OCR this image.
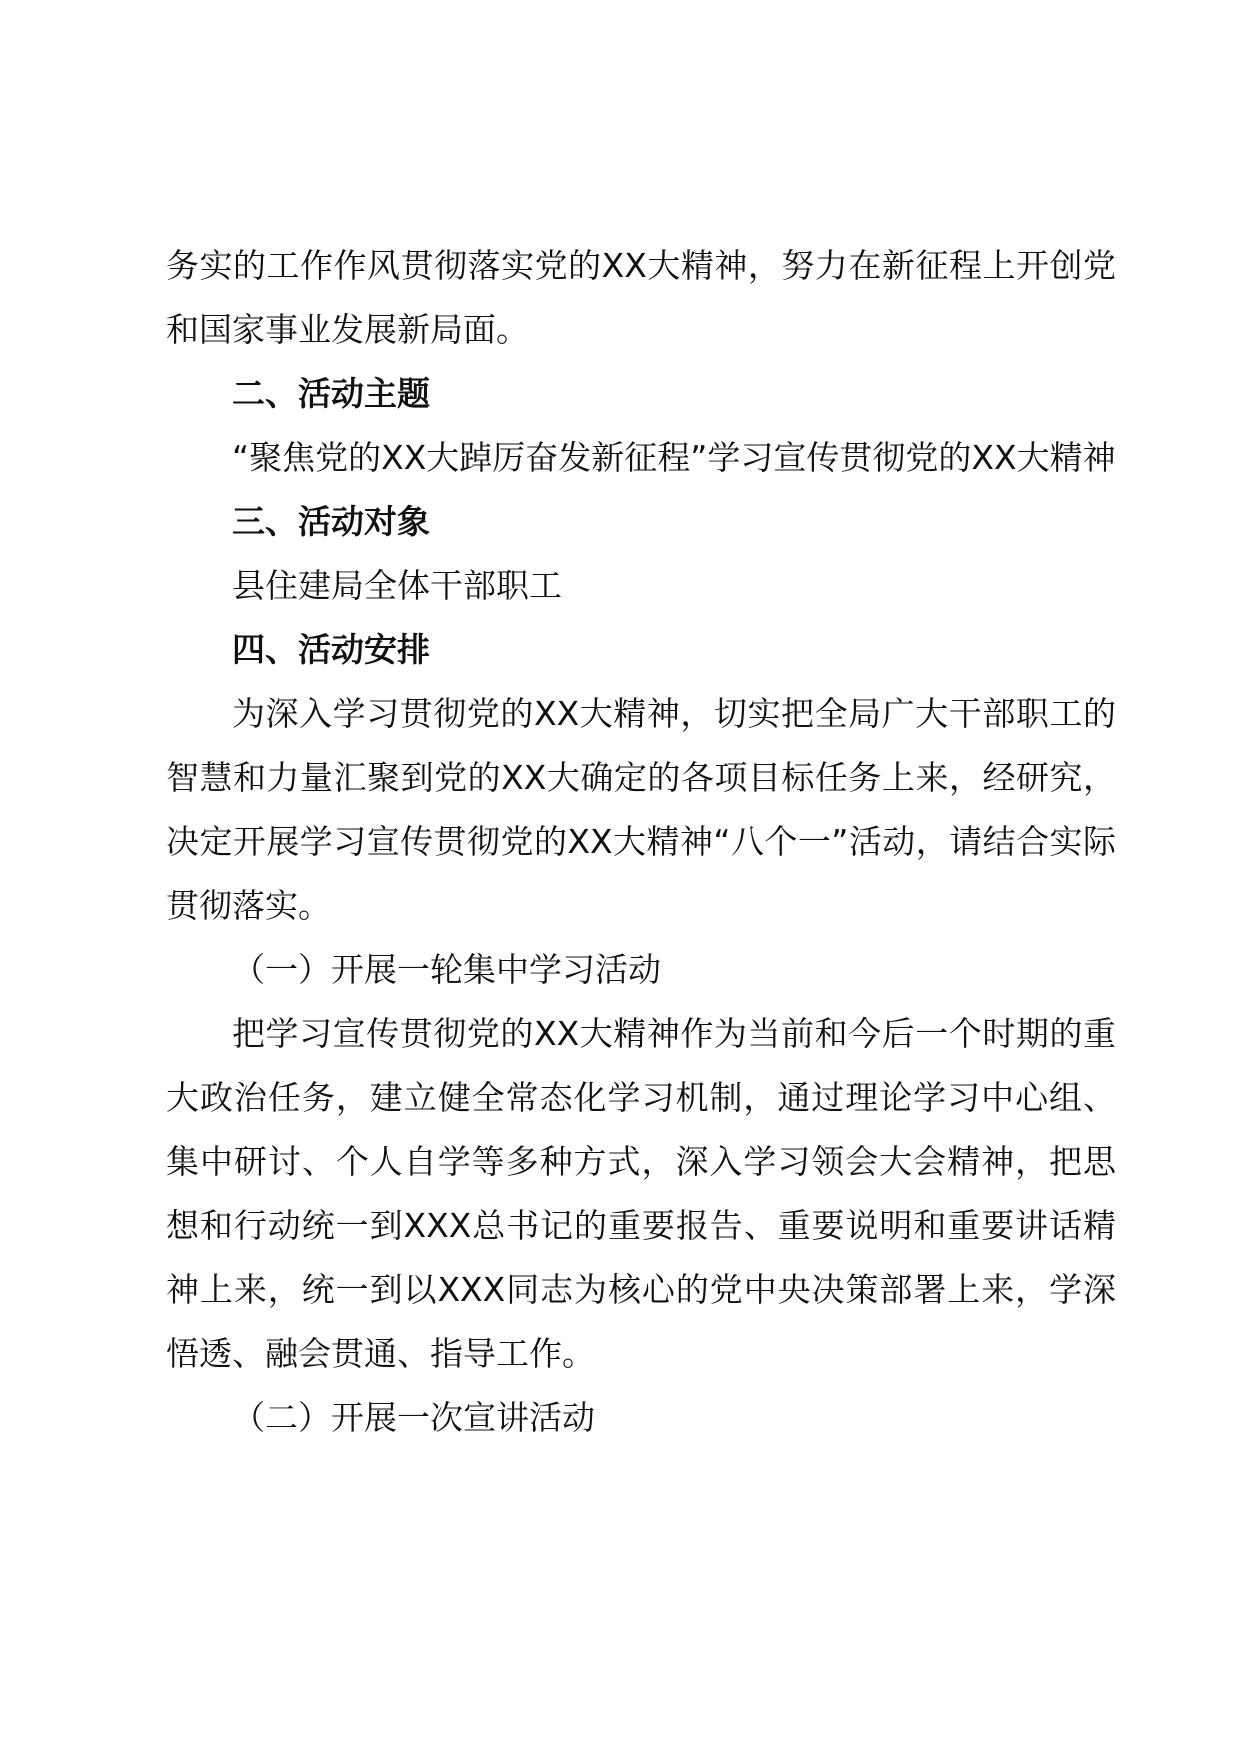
务实的工作作风贯彻落实党的XX大精神，努力在新征程上开创党和国家事业发展新局面。

二、活动主题

“聚焦党的XX大踔厉奋发新征程”学习宣传贯彻党的XX大精神

三、活动对象

县住建局全体干部职工

四、活动安排

为深入学习贯彻党的XX大精神，切实把全局广大干部职工的智慧和力量汇聚到党的XX大确定的各项目标任务上来，经研究，决定开展学习宣传贯彻党的XX大精神“八个一”活动，请结合实际贯彻落实。

（一）开展一轮集中学习活动

把学习宣传贯彻党的XX大精神作为当前和今后一个时期的重大政治任务，建立健全常态化学习机制，通过理论学习中心组、集中研讨、个人自学等多种方式，深入学习领会大会精神，把思想和行动统一到XXX总书记的重要报告、重要说明和重要讲话精神上来，统一到以XXX同志为核心的党中央决策部署上来，学深悟透、融会贯通、指导工作。

（二）开展一次宣讲活动
